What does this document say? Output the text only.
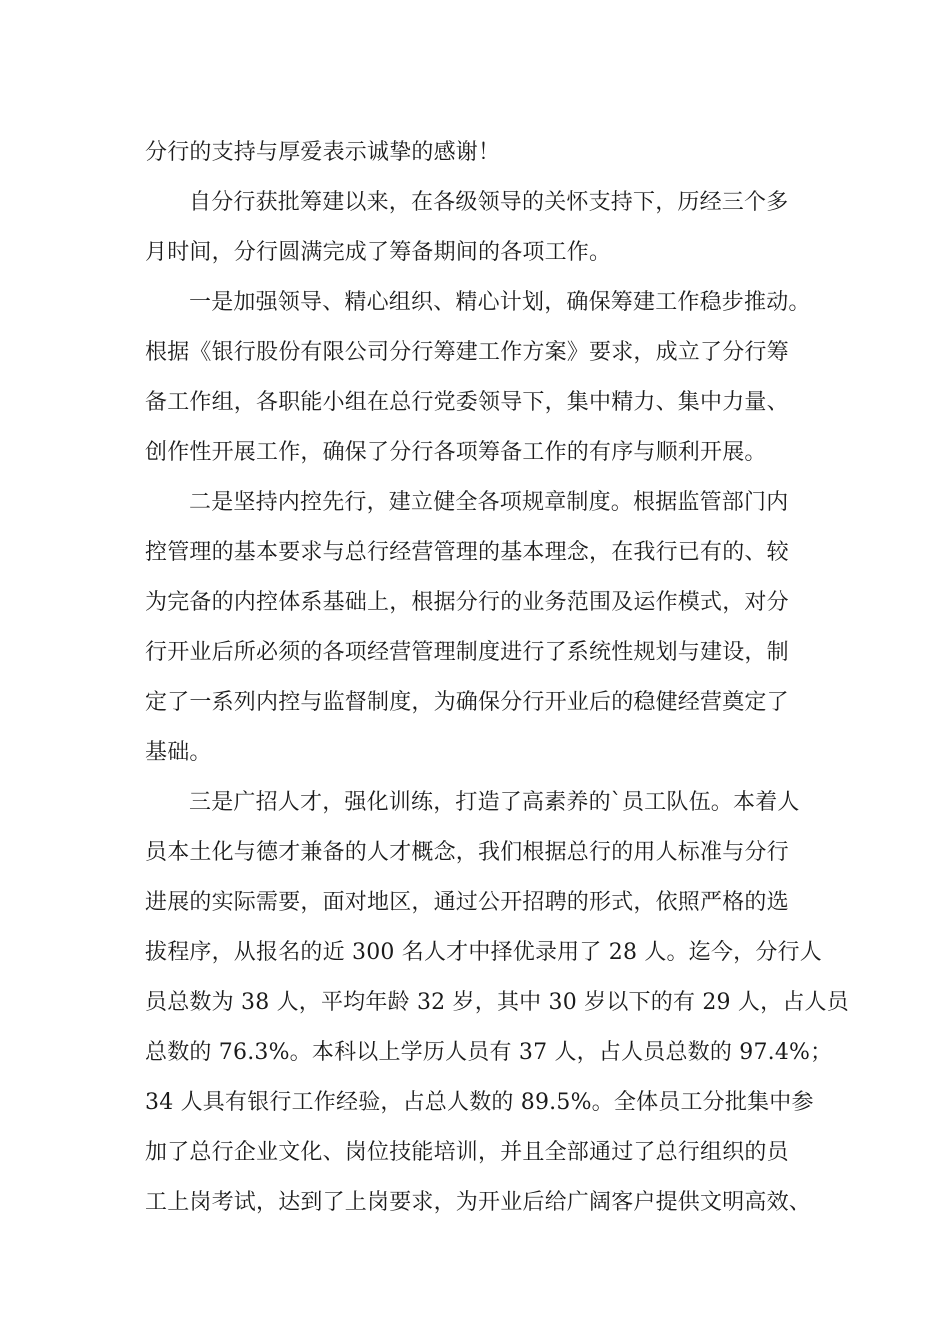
分行的支持与厚爱表示诚挚的感谢！
自分行获批筹建以来，在各级领导的关怀支持下，历经三个多
月时间，分行圆满完成了筹备期间的各项工作。
一是加强领导、精心组织、精心计划，确保筹建工作稳步推动。
根据《银行股份有限公司分行筹建工作方案》要求，成立了分行筹
备工作组，各职能小组在总行党委领导下，集中精力、集中力量、
创作性开展工作，确保了分行各项筹备工作的有序与顺利开展。
二是坚持内控先行，建立健全各项规章制度。根据监管部门内
控管理的基本要求与总行经营管理的基本理念，在我行已有的、较
为完备的内控体系基础上，根据分行的业务范围及运作模式，对分
行开业后所必须的各项经营管理制度进行了系统性规划与建设，制
定了一系列内控与监督制度，为确保分行开业后的稳健经营奠定了
基础。
三是广招人才，强化训练，打造了高素养的`员工队伍。本着人
员本土化与德才兼备的人才概念，我们根据总行的用人标准与分行
进展的实际需要，面对地区，通过公开招聘的形式，依照严格的选
拔程序，从报名的近 300 名人才中择优录用了 28 人。迄今，分行人
员总数为 38 人，平均年龄 32 岁，其中 30 岁以下的有 29 人，占人员
总数的 76.3%。本科以上学历人员有 37 人，占人员总数的 97.4%；
34 人具有银行工作经验，占总人数的 89.5%。全体员工分批集中参
加了总行企业文化、岗位技能培训，并且全部通过了总行组织的员
工上岗考试，达到了上岗要求，为开业后给广阔客户提供文明高效、
